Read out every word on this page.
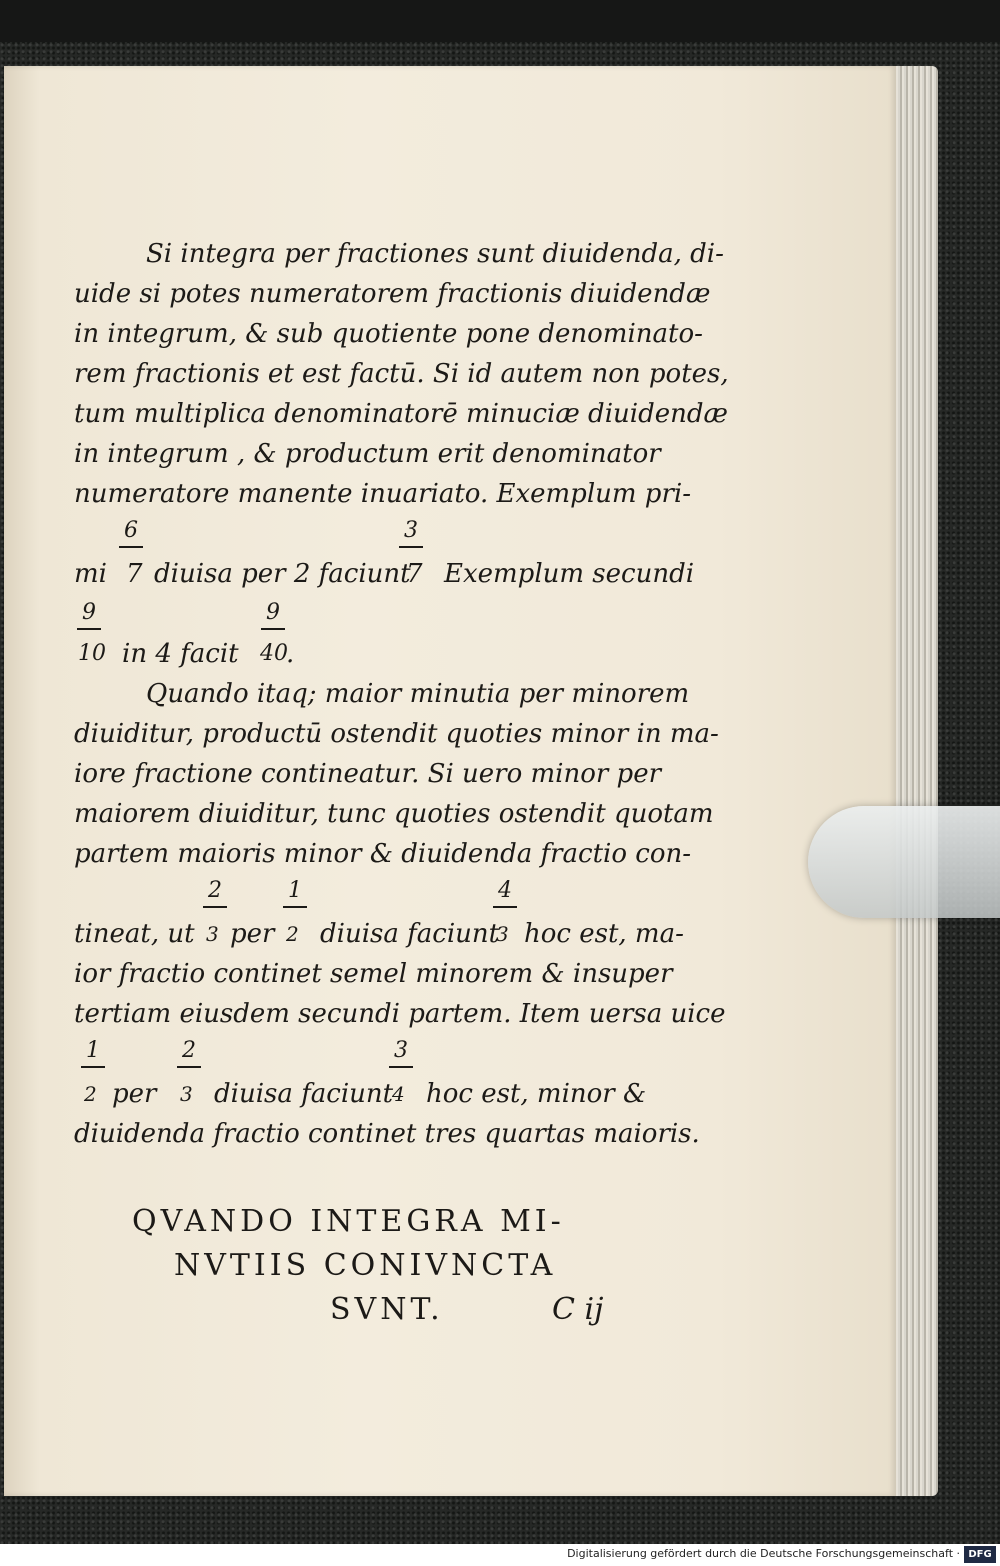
Si integra per fractiones sunt diuidenda, di‐
uide si potes numeratorem fractionis diuidendæ
in integrum, & sub quotiente pone denominato‐
rem fractionis et est factū. Si id autem non potes,
tum multiplica denominatorē minuciæ diuidendæ
in integrum , & productum erit denominator
numeratore manente inuariato. Exemplum pri‐
mi
6
7 diuisa per 2 faciunt
3
7 Exemplum secundi
9
10 in 4 facit
9
40
.
Quando itaq; maior minutia per minorem
diuiditur, productū ostendit quoties minor in ma‐
iore fractione contineatur. Si uero minor per
maiorem diuiditur, tunc quoties ostendit quotam
partem maioris minor & diuidenda fractio con‐
tineat, ut
2
3 per
1
2 diuisa faciunt
4
3 hoc est, ma‐
ior fractio continet semel minorem & insuper
tertiam eiusdem secundi partem. Item uersa uice
1
2 per
2
3 diuisa faciunt
3
4 hoc est, minor &
diuidenda fractio continet tres quartas maioris.
QVANDO INTEGRA MI‐
NVTIIS CONIVNCTA
SVNT.	C ij
Digitalisierung gefördert durch die Deutsche Forschungsgemeinschaft · DFG
